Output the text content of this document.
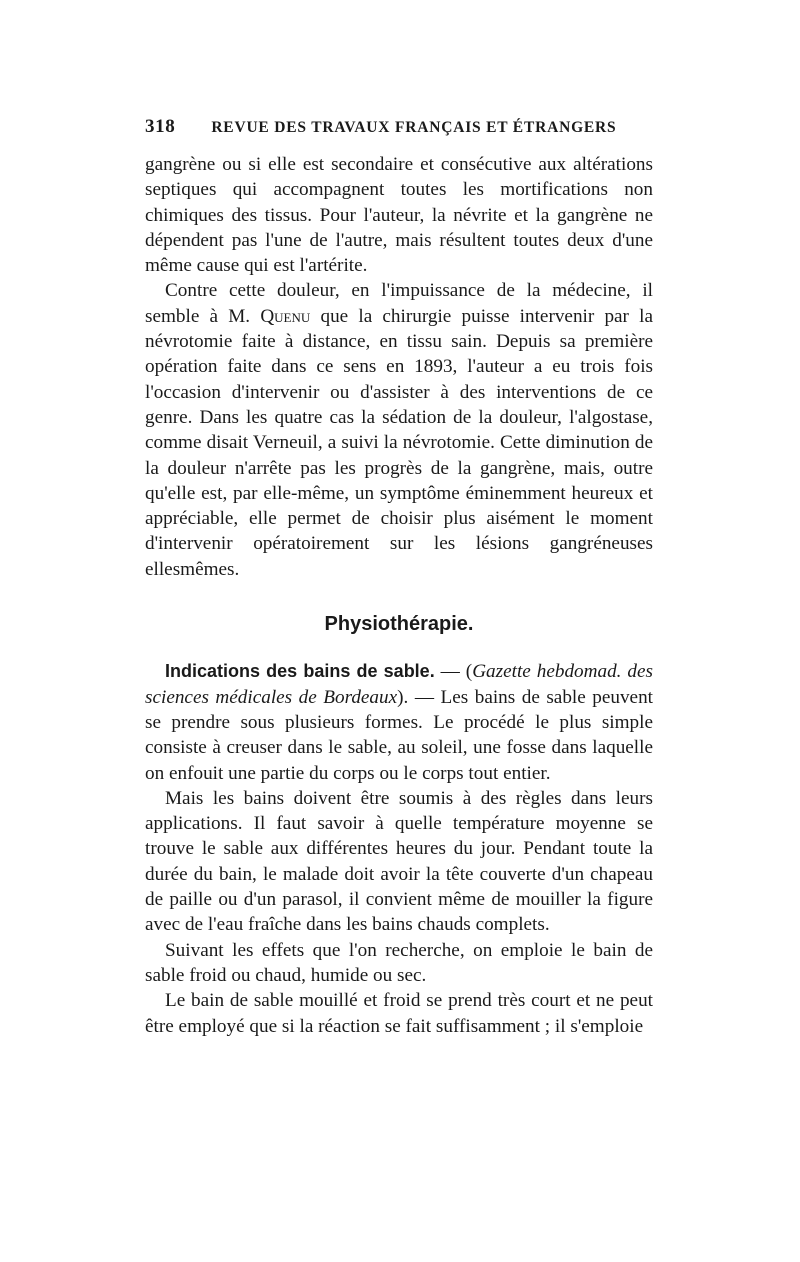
318 REVUE DES TRAVAUX FRANÇAIS ET ÉTRANGERS

gangrène ou si elle est secondaire et consécutive aux altérations septiques qui accompagnent toutes les mortifications non chimiques des tissus. Pour l'auteur, la névrite et la gangrène ne dépendent pas l'une de l'autre, mais résultent toutes deux d'une même cause qui est l'artérite.

Contre cette douleur, en l'impuissance de la médecine, il semble à M. Quenu que la chirurgie puisse intervenir par la névrotomie faite à distance, en tissu sain. Depuis sa première opération faite dans ce sens en 1893, l'auteur a eu trois fois l'occasion d'intervenir ou d'assister à des interventions de ce genre. Dans les quatre cas la sédation de la douleur, l'algostase, comme disait Verneuil, a suivi la névrotomie. Cette diminution de la douleur n'arrête pas les progrès de la gangrène, mais, outre qu'elle est, par elle-même, un symptôme éminemment heureux et appréciable, elle permet de choisir plus aisément le moment d'intervenir opératoirement sur les lésions gangréneuses ellesmêmes.

Physiothérapie.

Indications des bains de sable. — (Gazette hebdomad. des sciences médicales de Bordeaux). — Les bains de sable peuvent se prendre sous plusieurs formes. Le procédé le plus simple consiste à creuser dans le sable, au soleil, une fosse dans laquelle on enfouit une partie du corps ou le corps tout entier.

Mais les bains doivent être soumis à des règles dans leurs applications. Il faut savoir à quelle température moyenne se trouve le sable aux différentes heures du jour. Pendant toute la durée du bain, le malade doit avoir la tête couverte d'un chapeau de paille ou d'un parasol, il convient même de mouiller la figure avec de l'eau fraîche dans les bains chauds complets.

Suivant les effets que l'on recherche, on emploie le bain de sable froid ou chaud, humide ou sec.

Le bain de sable mouillé et froid se prend très court et ne peut être employé que si la réaction se fait suffisamment ; il s'emploie
